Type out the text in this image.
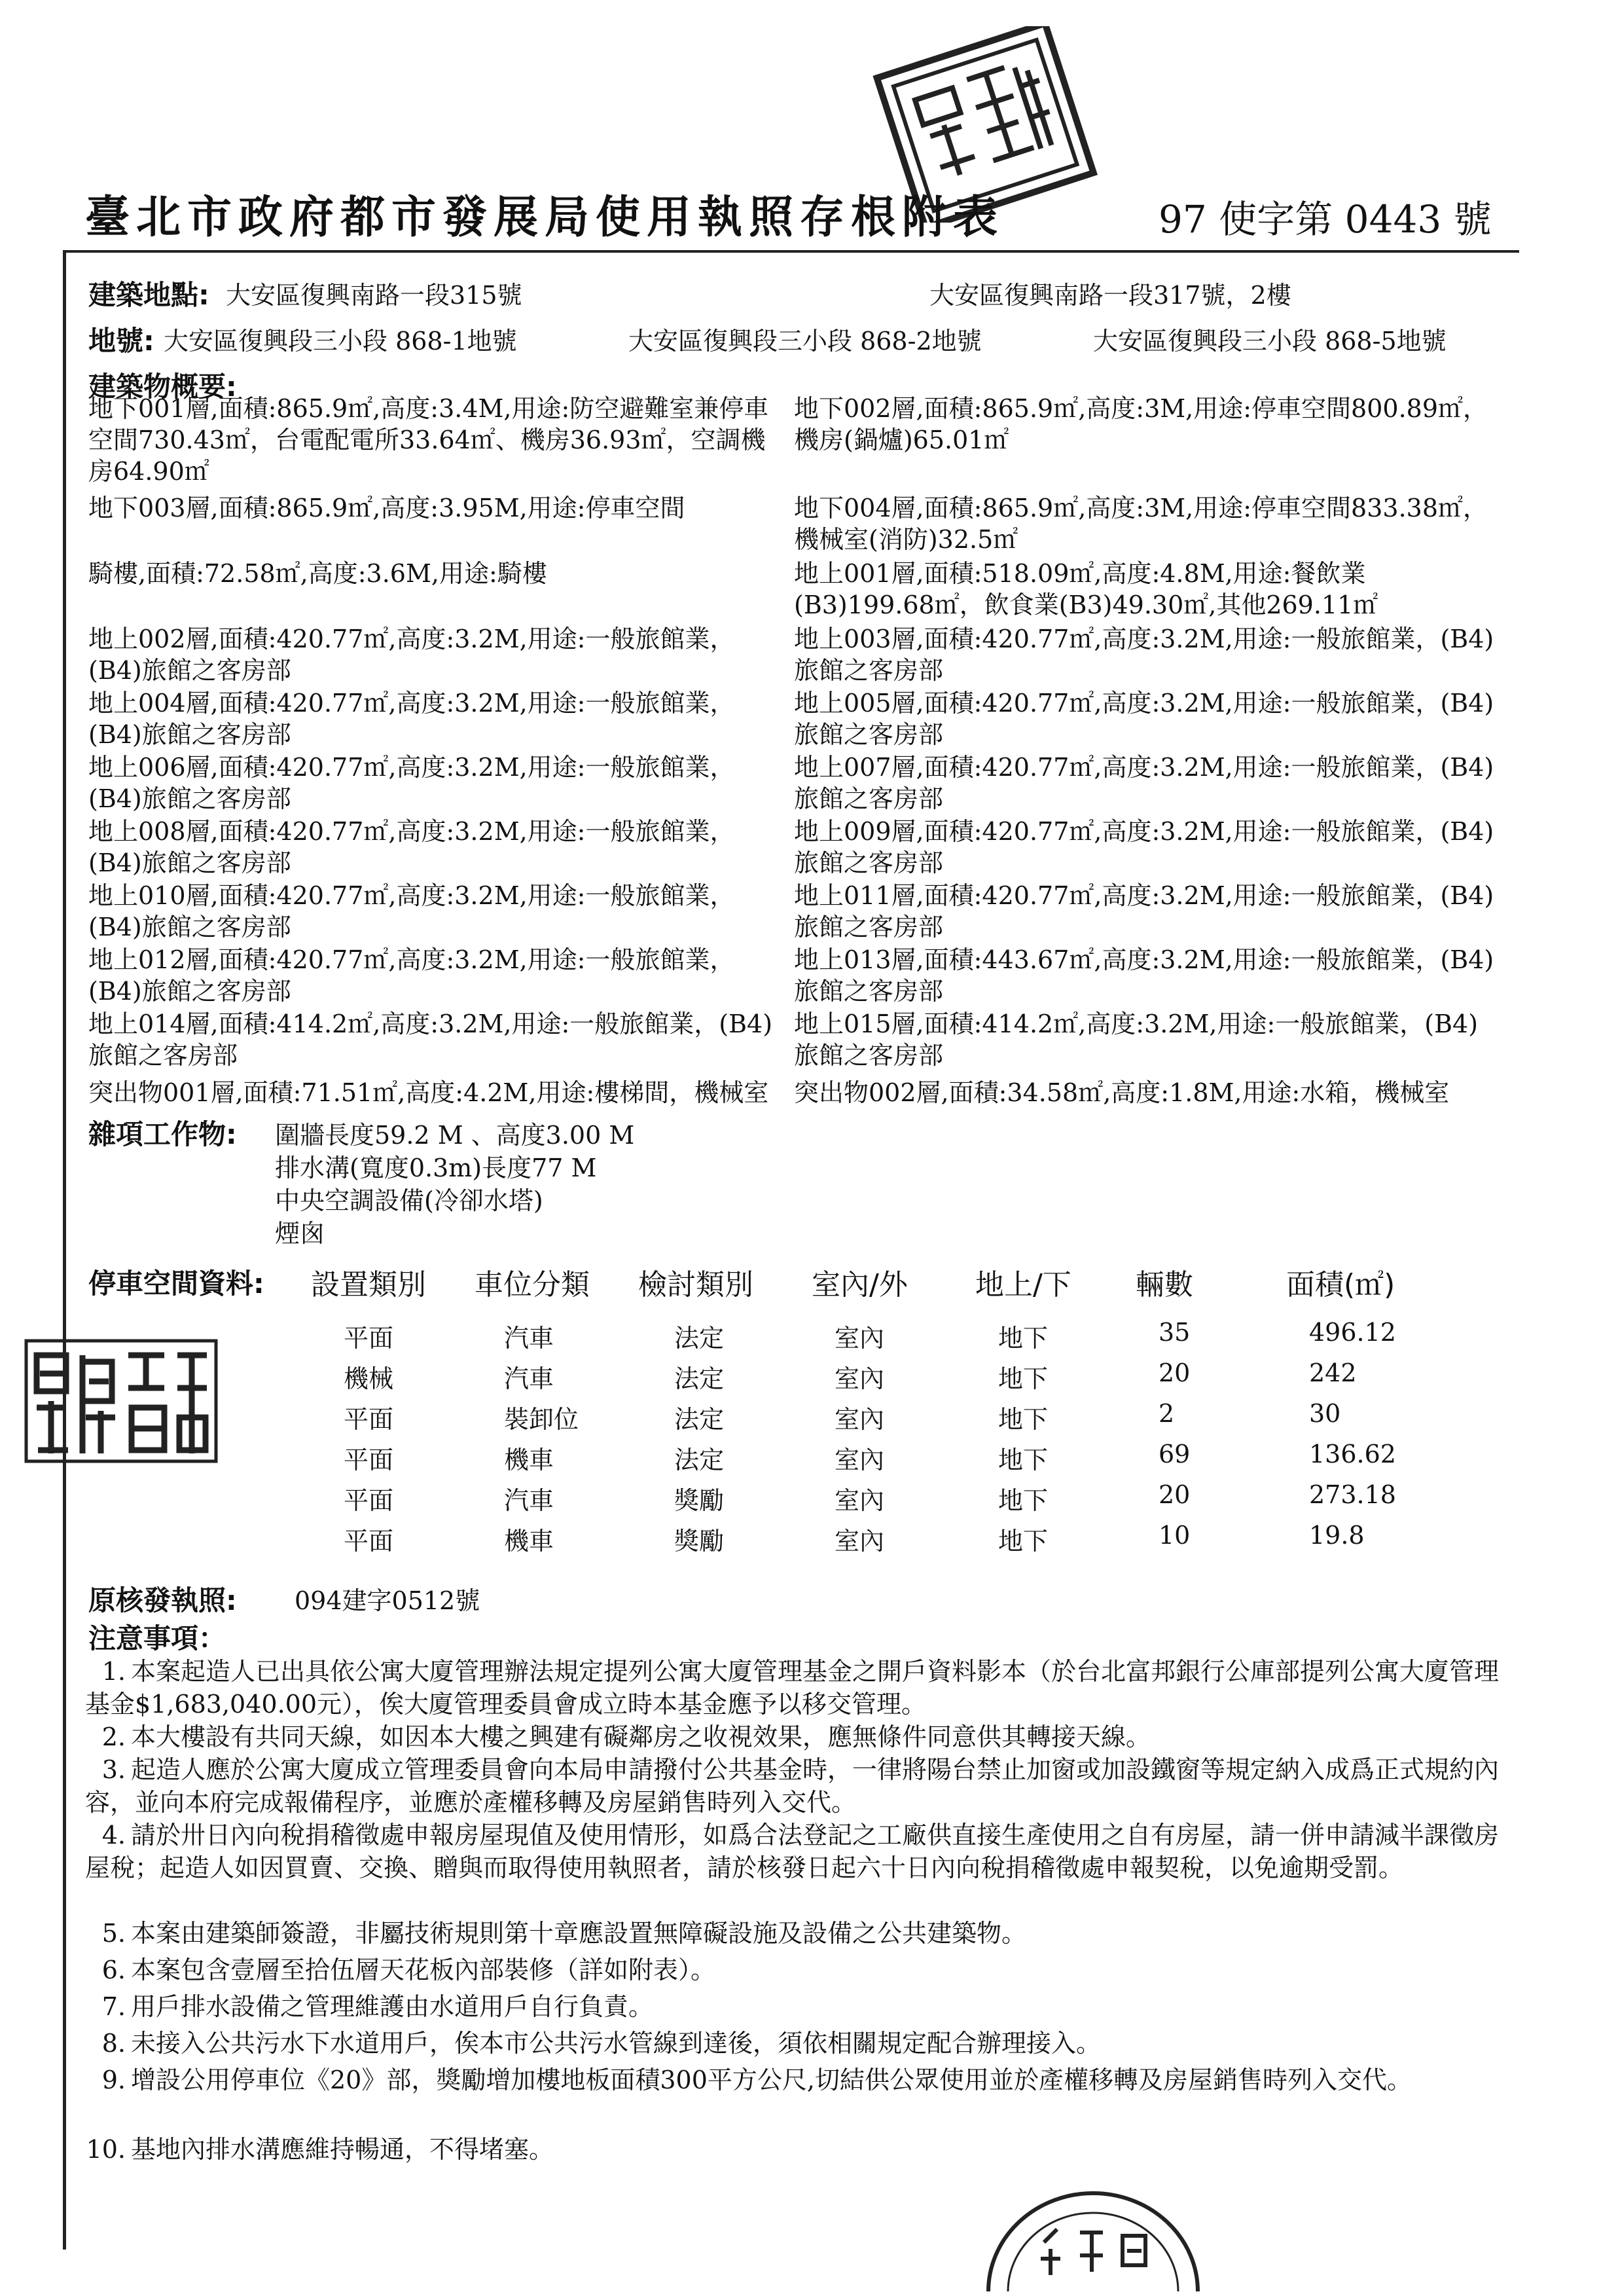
臺北市政府都市發展局使用執照存根附表	97 使字第 0443 號
建築地點: 大安區復興南路一段315號	大安區復興南路一段317號，2樓
地號: 大安區復興段三小段 868-1地號	大安區復興段三小段 868-2地號	大安區復興段三小段 868-5地號
建築物概要:
地下001層,面積:865.9㎡,高度:3.4M,用途:防空避難室兼停車空間730.43㎡，台電配電所33.64㎡、機房36.93㎡，空調機房64.90㎡
地下002層,面積:865.9㎡,高度:3M,用途:停車空間800.89㎡，機房(鍋爐)65.01㎡
地下003層,面積:865.9㎡,高度:3.95M,用途:停車空間	地下004層,面積:865.9㎡,高度:3M,用途:停車空間833.38㎡，機械室(消防)32.5㎡
騎樓,面積:72.58㎡,高度:3.6M,用途:騎樓	地上001層,面積:518.09㎡,高度:4.8M,用途:餐飲業(B3)199.68㎡，飲食業(B3)49.30㎡,其他269.11㎡
地上002層,面積:420.77㎡,高度:3.2M,用途:一般旅館業，(B4)旅館之客房部
地上003層,面積:420.77㎡,高度:3.2M,用途:一般旅館業，(B4)旅館之客房部
地上004層,面積:420.77㎡,高度:3.2M,用途:一般旅館業，(B4)旅館之客房部
地上005層,面積:420.77㎡,高度:3.2M,用途:一般旅館業，(B4)旅館之客房部
地上006層,面積:420.77㎡,高度:3.2M,用途:一般旅館業，(B4)旅館之客房部
地上007層,面積:420.77㎡,高度:3.2M,用途:一般旅館業，(B4)旅館之客房部
地上008層,面積:420.77㎡,高度:3.2M,用途:一般旅館業，(B4)旅館之客房部
地上009層,面積:420.77㎡,高度:3.2M,用途:一般旅館業，(B4)旅館之客房部
地上010層,面積:420.77㎡,高度:3.2M,用途:一般旅館業，(B4)旅館之客房部
地上011層,面積:420.77㎡,高度:3.2M,用途:一般旅館業，(B4)旅館之客房部
地上012層,面積:420.77㎡,高度:3.2M,用途:一般旅館業，(B4)旅館之客房部
地上013層,面積:443.67㎡,高度:3.2M,用途:一般旅館業，(B4)旅館之客房部
地上014層,面積:414.2㎡,高度:3.2M,用途:一般旅館業，(B4)旅館之客房部
地上015層,面積:414.2㎡,高度:3.2M,用途:一般旅館業，(B4)旅館之客房部
突出物001層,面積:71.51㎡,高度:4.2M,用途:樓梯間，機械室	突出物002層,面積:34.58㎡,高度:1.8M,用途:水箱，機械室
雜項工作物: 圍牆長度59.2 M 、高度3.00 M
排水溝(寬度0.3m)長度77 M
中央空調設備(冷卻水塔)
煙囪
停車空間資料: 設置類別 車位分類 檢討類別 室內/外 地上/下 輛數	面積(㎡)
平面	汽車	法定	室內	地下	35	496.12
機械	汽車	法定	室內	地下	20	242
平面	裝卸位	法定	室內	地下	2	30
平面	機車	法定	室內	地下	69	136.62
平面	汽車	獎勵	室內	地下	20	273.18
平面	機車	獎勵	室內	地下	10	19.8
原核發執照: 094建字0512號
注意事項：
1. 本案起造人已出具依公寓大廈管理辦法規定提列公寓大廈管理基金之開戶資料影本（於台北富邦銀行公庫部提列公寓大廈管理基金$1,683,040.00元），俟大廈管理委員會成立時本基金應予以移交管理。
2. 本大樓設有共同天線，如因本大樓之興建有礙鄰房之收視效果，應無條件同意供其轉接天線。
3. 起造人應於公寓大廈成立管理委員會向本局申請撥付公共基金時，一律將陽台禁止加窗或加設鐵窗等規定納入成爲正式規約內容，並向本府完成報備程序，並應於產權移轉及房屋銷售時列入交代。
4. 請於卅日內向稅捐稽徵處申報房屋現值及使用情形，如爲合法登記之工廠供直接生產使用之自有房屋，請一併申請減半課徵房屋稅；起造人如因買賣、交換、贈與而取得使用執照者，請於核發日起六十日內向稅捐稽徵處申報契稅，以免逾期受罰。
5. 本案由建築師簽證，非屬技術規則第十章應設置無障礙設施及設備之公共建築物。
6. 本案包含壹層至拾伍層天花板內部裝修（詳如附表）。
7. 用戶排水設備之管理維護由水道用戶自行負責。
8. 未接入公共污水下水道用戶，俟本市公共污水管線到達後，須依相關規定配合辦理接入。
9. 增設公用停車位《20》部，獎勵增加樓地板面積300平方公尺,切結供公眾使用並於產權移轉及房屋銷售時列入交代。
10. 基地內排水溝應維持暢通，不得堵塞。
